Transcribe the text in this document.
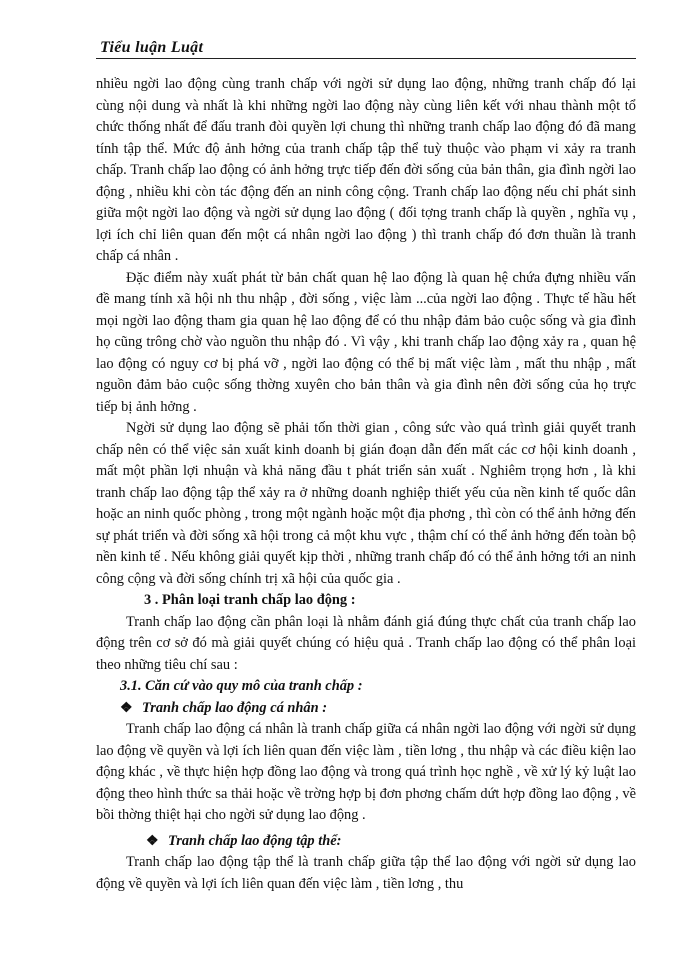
Tiểu luận Luật

nhiều ngời lao động cùng tranh chấp với ngời sử dụng lao động, những tranh chấp đó lại cùng nội dung và nhất là khi những ngời lao động này cùng liên kết với nhau thành một tổ chức thống nhất để đấu tranh đòi quyền lợi chung thì những tranh chấp lao động đó đã mang tính tập thể. Mức độ ảnh hởng của tranh chấp tập thể tuỳ thuộc vào phạm vi xảy ra tranh chấp. Tranh chấp lao động có ảnh hởng trực tiếp đến đời sống của bản thân, gia đình ngời lao động , nhiều khi còn tác động đến an ninh công cộng. Tranh chấp lao động nếu chỉ phát sinh giữa một ngời lao động và ngời sử dụng lao động ( đối tợng tranh chấp là quyền , nghĩa vụ , lợi ích chỉ liên quan đến một cá nhân ngời lao động ) thì tranh chấp đó đơn thuần là tranh chấp cá nhân .

Đặc điểm này xuất phát từ bản chất quan hệ lao động là quan hệ chứa đựng nhiều vấn đề mang tính xã hội nh thu nhập , đời sống , việc làm ...của ngời lao động . Thực tế hầu hết mọi ngời lao động tham gia quan hệ lao động để có thu nhập đảm bảo cuộc sống và gia đình họ cũng trông chờ vào nguồn thu nhập đó . Vì vậy , khi tranh chấp lao động xảy ra , quan hệ lao động có nguy cơ bị phá vỡ , ngời lao động có thể bị mất việc làm , mất thu nhập , mất nguồn đảm bảo cuộc sống thờng xuyên cho bản thân và gia đình nên đời sống của họ trực tiếp bị ảnh hởng .

Ngời sử dụng lao động sẽ phải tốn thời gian , công sức vào quá trình giải quyết tranh chấp nên có thể việc sản xuất kinh doanh bị gián đoạn dẫn đến mất các cơ hội kinh doanh , mất một phần lợi nhuận và khả năng đầu t phát triển sản xuất . Nghiêm trọng hơn , là khi tranh chấp lao động tập thể xảy ra ở những doanh nghiệp thiết yếu của nền kinh tế quốc dân hoặc an ninh quốc phòng , trong một ngành hoặc một địa phơng , thì còn có thể ảnh hởng đến sự phát triển và đời sống xã hội trong cả một khu vực , thậm chí có thể ảnh hởng đến toàn bộ nền kinh tế . Nếu không giải quyết kịp thời , những tranh chấp đó có thể ảnh hởng tới an ninh công cộng và đời sống chính trị xã hội của quốc gia .

3 . Phân loại tranh chấp lao động :

Tranh chấp lao động cần phân loại là nhằm đánh giá đúng thực chất của tranh chấp lao động trên cơ sở đó mà giải quyết chúng có hiệu quả . Tranh chấp lao động có thể phân loại theo những tiêu chí sau :

3.1. Căn cứ vào quy mô của tranh chấp :

❖ Tranh chấp lao động cá nhân :

Tranh chấp lao động cá nhân là tranh chấp giữa cá nhân ngời lao động với ngời sử dụng lao động về quyền và lợi ích liên quan đến việc làm , tiền lơng , thu nhập và các điều kiện lao động khác , về thực hiện hợp đồng lao động và trong quá trình học nghề , về xử lý kỷ luật lao động theo hình thức sa thải hoặc về trờng hợp bị đơn phơng chấm dứt hợp đồng lao động , về bồi thờng thiệt hại cho ngời sử dụng lao động .

❖ Tranh chấp lao động tập thể:

Tranh chấp lao động tập thể là tranh chấp giữa tập thể lao động với ngời sử dụng lao động về quyền và lợi ích liên quan đến việc làm , tiền lơng , thu
